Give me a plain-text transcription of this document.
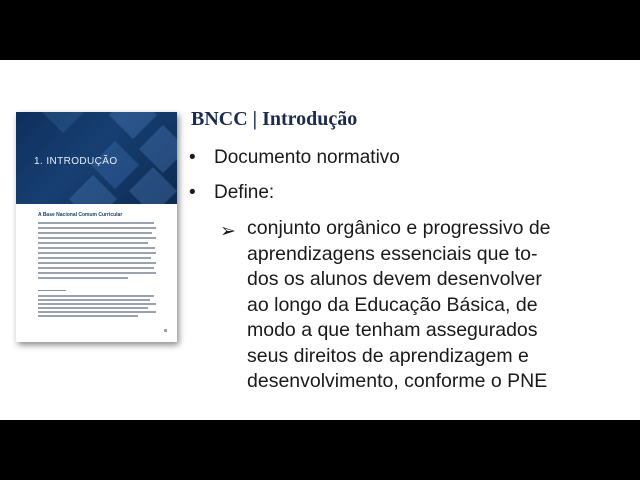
1. INTRODUÇÃO
A Base Nacional Comum Curricular
BNCC | Introdução
• Documento normativo
• Define:
➢ conjunto orgânico e progressivo de
aprendizagens essenciais que to-
dos os alunos devem desenvolver
ao longo da Educação Básica, de
modo a que tenham assegurados
seus direitos de aprendizagem e
desenvolvimento, conforme o PNE
